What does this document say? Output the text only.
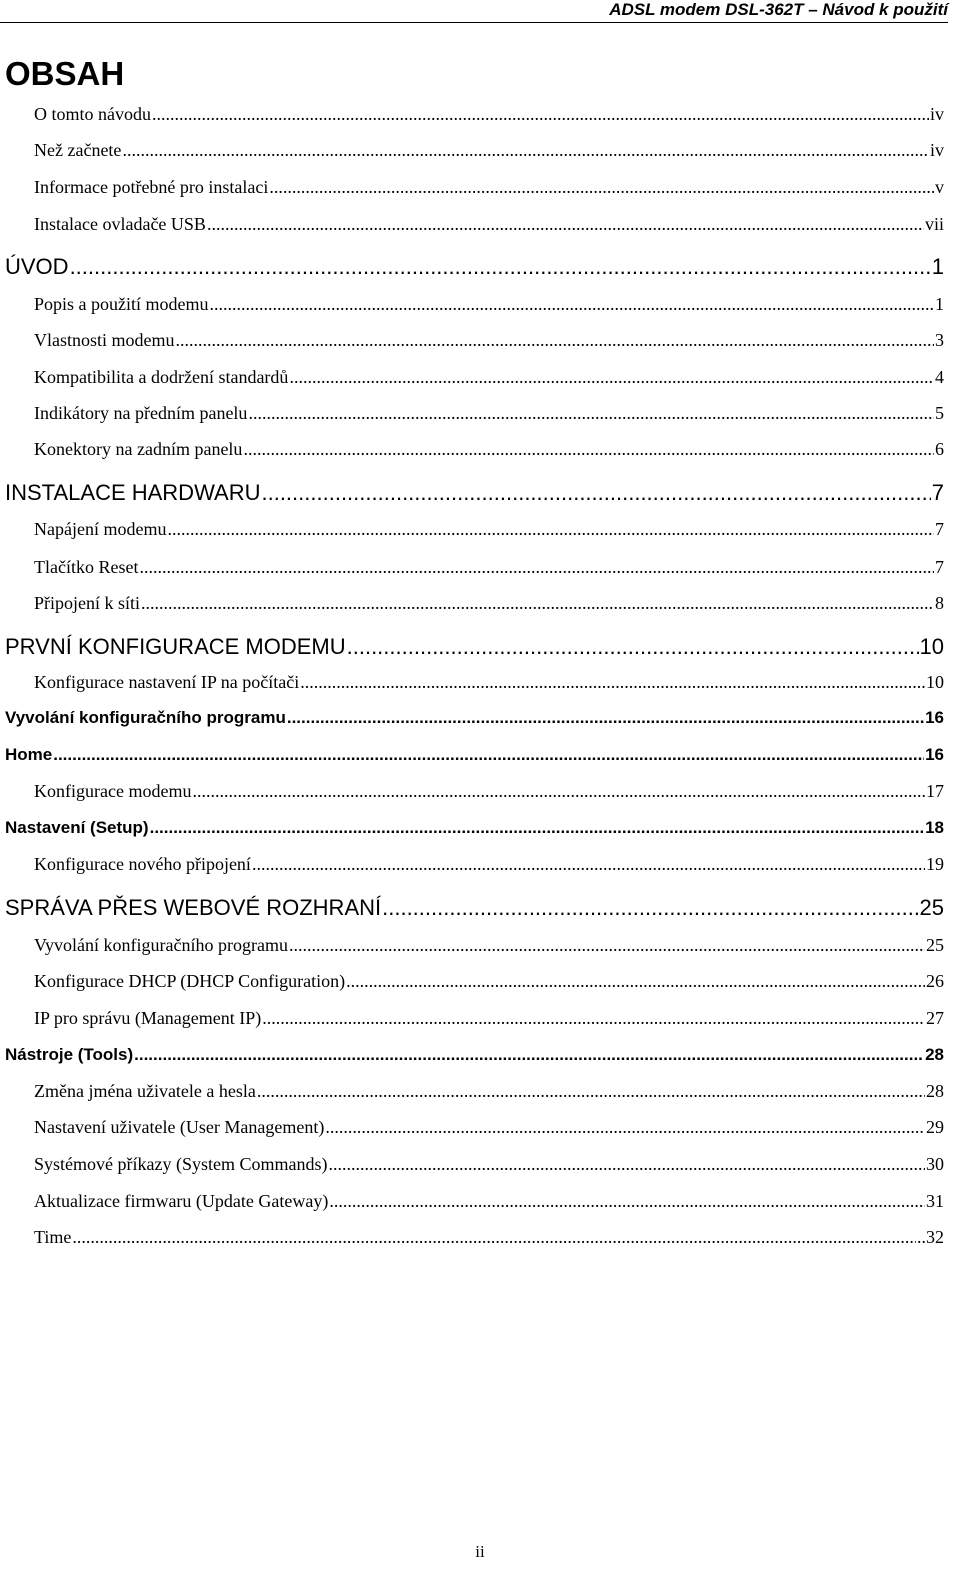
ADSL modem DSL-362T – Návod k použití
OBSAH
O tomto návodu .....	iv
Než začnete .....	iv
Informace potřebné pro instalaci .....	v
Instalace ovladače USB .....	vii
ÚVOD .....	1
Popis a použití modemu .....	1
Vlastnosti modemu .....	3
Kompatibilita a dodržení standardů .....	4
Indikátory na předním panelu .....	5
Konektory na zadním panelu .....	6
INSTALACE HARDWARU .....	7
Napájení modemu .....	7
Tlačítko Reset .....	7
Připojení k síti .....	8
PRVNÍ KONFIGURACE MODEMU .....	10
Konfigurace nastavení IP na počítači .....	10
Vyvolání konfiguračního programu .....	16
Home .....	16
Konfigurace modemu .....	17
Nastavení (Setup) .....	18
Konfigurace nového připojení .....	19
SPRÁVA PŘES WEBOVÉ ROZHRANÍ .....	25
Vyvolání konfiguračního programu .....	25
Konfigurace DHCP (DHCP Configuration) .....	26
IP pro správu (Management IP) .....	27
Nástroje (Tools) .....	28
Změna jména uživatele a hesla .....	28
Nastavení uživatele (User Management) .....	29
Systémové příkazy (System Commands) .....	30
Aktualizace firmwaru (Update Gateway) .....	31
Time .....	..32
ii
